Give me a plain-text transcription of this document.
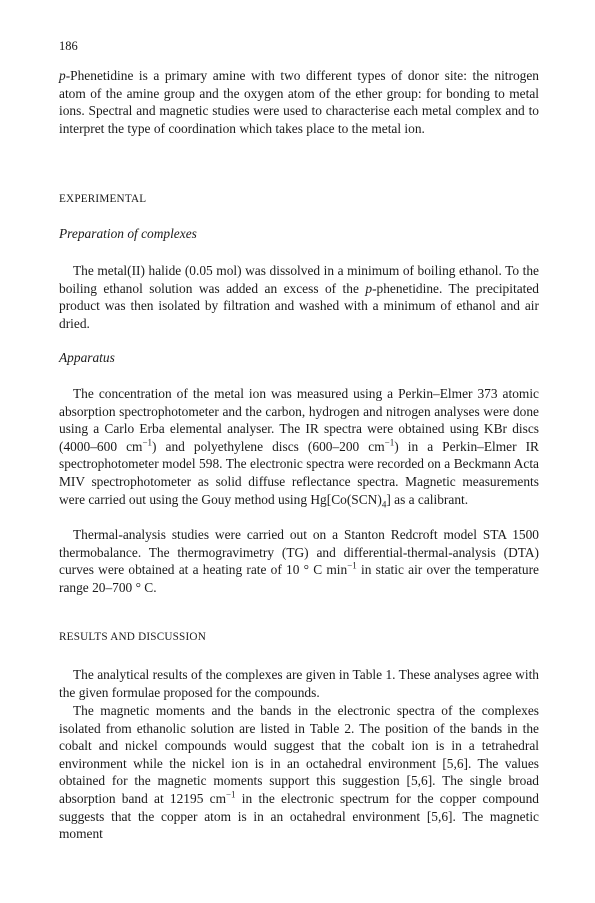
186

p-Phenetidine is a primary amine with two different types of donor site: the nitrogen atom of the amine group and the oxygen atom of the ether group: for bonding to metal ions. Spectral and magnetic studies were used to characterise each metal complex and to interpret the type of coordination which takes place to the metal ion.

EXPERIMENTAL

Preparation of complexes

The metal(II) halide (0.05 mol) was dissolved in a minimum of boiling ethanol. To the boiling ethanol solution was added an excess of the p-phenetidine. The precipitated product was then isolated by filtration and washed with a minimum of ethanol and air dried.

Apparatus

The concentration of the metal ion was measured using a Perkin–Elmer 373 atomic absorption spectrophotometer and the carbon, hydrogen and nitrogen analyses were done using a Carlo Erba elemental analyser. The IR spectra were obtained using KBr discs (4000–600 $cm^{-1}$) and polyethylene discs (600–200 $cm^{-1}$) in a Perkin–Elmer IR spectrophotometer model 598. The electronic spectra were recorded on a Beckmann Acta MIV spectrophotometer as solid diffuse reflectance spectra. Magnetic measurements were carried out using the Gouy method using $Hg[Co(SCN)_4]$ as a calibrant.

Thermal-analysis studies were carried out on a Stanton Redcroft model STA 1500 thermobalance. The thermogravimetry (TG) and differential-thermal-analysis (DTA) curves were obtained at a heating rate of 10 ° C $\min^{-1}$ in static air over the temperature range 20–700 ° C.

RESULTS AND DISCUSSION

The analytical results of the complexes are given in Table 1. These analyses agree with the given formulae proposed for the compounds.

The magnetic moments and the bands in the electronic spectra of the complexes isolated from ethanolic solution are listed in Table 2. The position of the bands in the cobalt and nickel compounds would suggest that the cobalt ion is in a tetrahedral environment while the nickel ion is in an octahedral environment [5,6]. The values obtained for the magnetic moments support this suggestion [5,6]. The single broad absorption band at 12195 $cm^{-1}$ in the electronic spectrum for the copper compound suggests that the copper atom is in an octahedral environment [5,6]. The magnetic moment
